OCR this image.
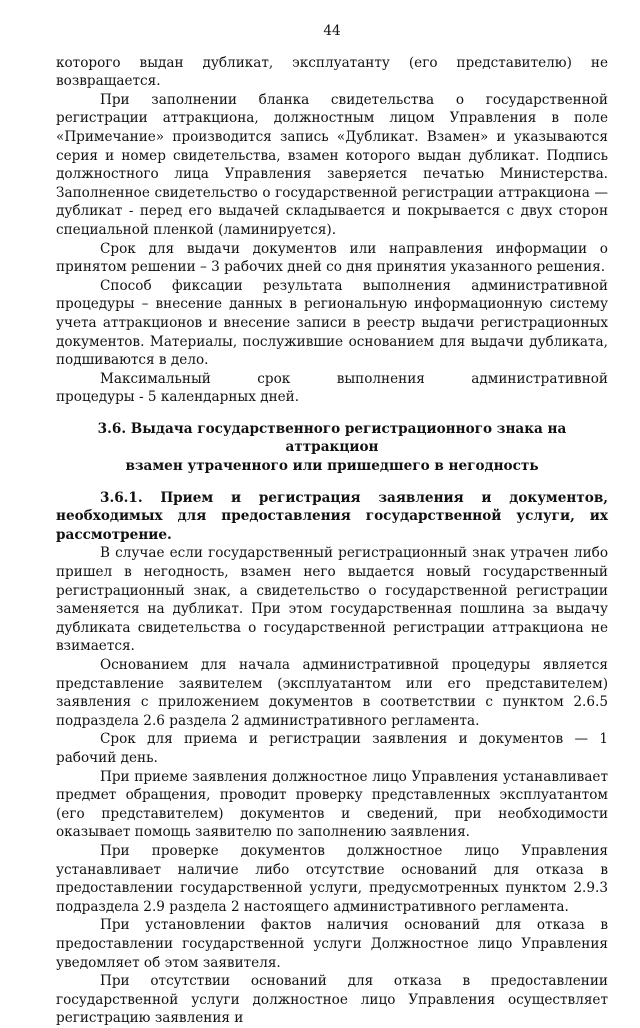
44

которого выдан дубликат, эксплуатанту (его представителю) не возвращается.

При заполнении бланка свидетельства о государственной регистрации аттракциона, должностным лицом Управления в поле «Примечание» производится запись «Дубликат. Взамен» и указываются серия и номер свидетельства, взамен которого выдан дубликат. Подпись должностного лица Управления заверяется печатью Министерства. Заполненное свидетельство о государственной регистрации аттракциона — дубликат - перед его выдачей складывается и покрывается с двух сторон специальной пленкой (ламинируется).

Срок для выдачи документов или направления информации о принятом решении – 3 рабочих дней со дня принятия указанного решения.

Способ фиксации результата выполнения административной процедуры – внесение данных в региональную информационную систему учета аттракционов и внесение записи в реестр выдачи регистрационных документов. Материалы, послужившие основанием для выдачи дубликата, подшиваются в дело.

Максимальный срок выполнения административной

процедуры - 5 календарных дней.

3.6. Выдача государственного регистрационного знака на аттракцион
взамен утраченного или пришедшего в негодность

3.6.1. Прием и регистрация заявления и документов, необходимых для предоставления государственной услуги, их рассмотрение.

В случае если государственный регистрационный знак утрачен либо пришел в негодность, взамен него выдается новый государственный регистрационный знак, а свидетельство о государственной регистрации заменяется на дубликат. При этом государственная пошлина за выдачу дубликата свидетельства о государственной регистрации аттракциона не взимается.

Основанием для начала административной процедуры является представление заявителем (эксплуатантом или его представителем) заявления с приложением документов в соответствии с пунктом 2.6.5 подраздела 2.6 раздела 2 административного регламента.

Срок для приема и регистрации заявления и документов — 1 рабочий день.

При приеме заявления должностное лицо Управления устанавливает предмет обращения, проводит проверку представленных эксплуатантом (его представителем) документов и сведений, при необходимости оказывает помощь заявителю по заполнению заявления.

При проверке документов должностное лицо Управления устанавливает наличие либо отсутствие оснований для отказа в предоставлении государственной услуги, предусмотренных пунктом 2.9.3 подраздела 2.9 раздела 2 настоящего административного регламента.

При установлении фактов наличия оснований для отказа в предоставлении государственной услуги Должностное лицо Управления уведомляет об этом заявителя.

При отсутствии оснований для отказа в предоставлении государственной услуги должностное лицо Управления осуществляет регистрацию заявления и
